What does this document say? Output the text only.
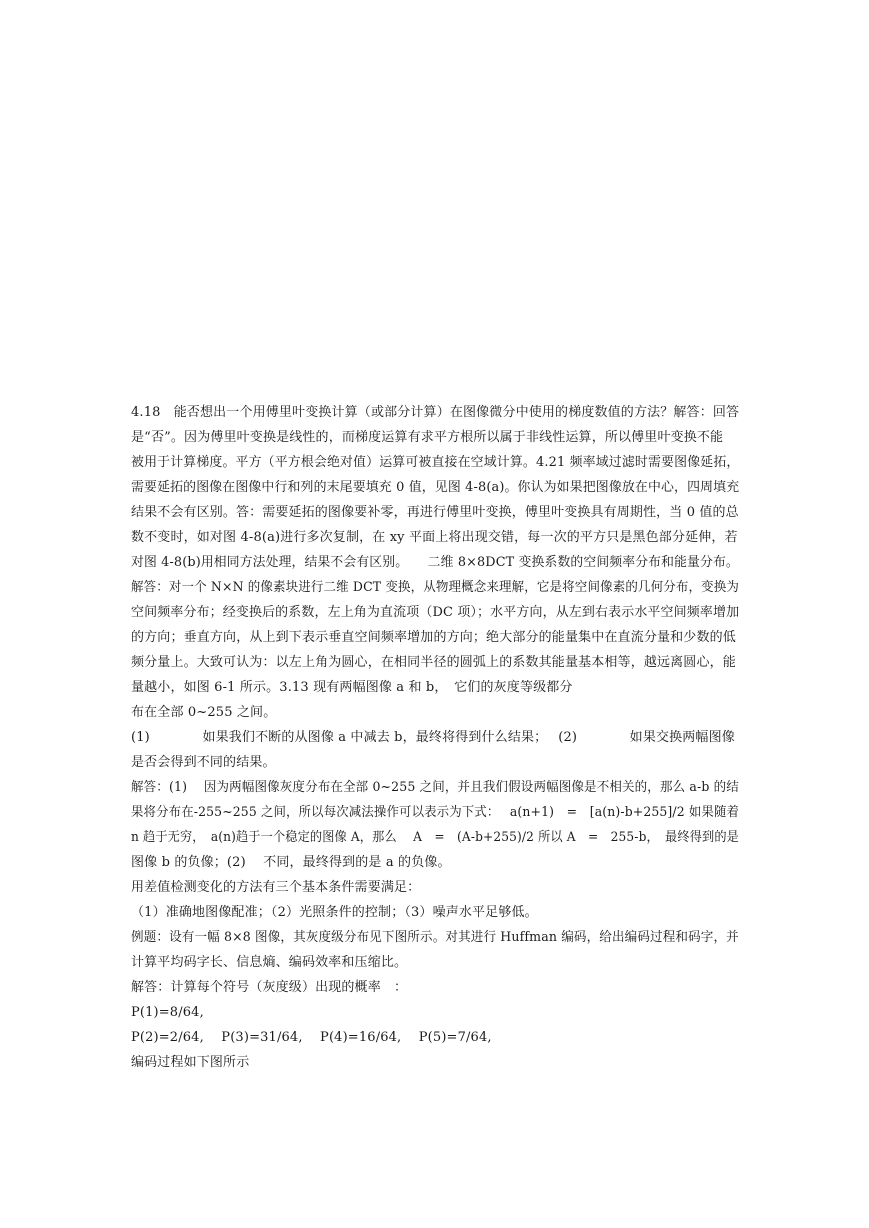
4.18　能否想出一个用傅里叶变换计算（或部分计算）在图像微分中使用的梯度数值的方法？解答：回答
是“否”。因为傅里叶变换是线性的，而梯度运算有求平方根所以属于非线性运算，所以傅里叶变换不能
被用于计算梯度。平方（平方根会绝对值）运算可被直接在空域计算。4.21 频率域过滤时需要图像延拓，
需要延拓的图像在图像中行和列的末尾要填充 0 值，见图 4-8(a)。你认为如果把图像放在中心，四周填充
结果不会有区别。答：需要延拓的图像要补零，再进行傅里叶变换，傅里叶变换具有周期性，当 0 值的总
数不变时，如对图 4-8(a)进行多次复制，在 xy 平面上将出现交错，每一次的平方只是黑色部分延伸，若
对图 4-8(b)用相同方法处理，结果不会有区别。　　二维 8×8DCT 变换系数的空间频率分布和能量分布。
解答：对一个 N×N 的像素块进行二维 DCT 变换，从物理概念来理解，它是将空间像素的几何分布，变换为
空间频率分布；经变换后的系数，左上角为直流项（DC 项）；水平方向，从左到右表示水平空间频率增加
的方向；垂直方向，从上到下表示垂直空间频率增加的方向；绝大部分的能量集中在直流分量和少数的低
频分量上。大致可认为：以左上角为圆心，在相同半径的圆弧上的系数其能量基本相等，越远离圆心，能
量越小，如图 6-1 所示。3.13 现有两幅图像 a 和 b，　它们的灰度等级都分
布在全部 0~255 之间。
(1)　　　　如果我们不断的从图像 a 中减去 b，最终将得到什么结果；　 (2)　　　　如果交换两幅图像
是否会得到不同的结果。
解答：(1)　 因为两幅图像灰度分布在全部 0~255 之间，并且我们假设两幅图像是不相关的，那么 a-b 的结
果将分布在-255~255 之间，所以每次减法操作可以表示为下式：　 a(n+1)　=　[a(n)-b+255]/2 如果随着
n 趋于无穷，　a(n)趋于一个稳定的图像 A，那么　 A　=　(A-b+255)/2 所以 A　=　255-b，　最终得到的是
图像 b 的负像；(2)　 不同，最终得到的是 a 的负像。
用差值检测变化的方法有三个基本条件需要满足：
（1）准确地图像配准；（2）光照条件的控制；（3）噪声水平足够低。
例题：设有一幅 8×8 图像，其灰度级分布见下图所示。对其进行 Huffman 编码，给出编码过程和码字，并
计算平均码字长、信息熵、编码效率和压缩比。
解答：计算每个符号（灰度级）出现的概率　：
P(1)=8/64,
P(2)=2/64,　 P(3)=31/64,　 P(4)=16/64,　 P(5)=7/64,
编码过程如下图所示
